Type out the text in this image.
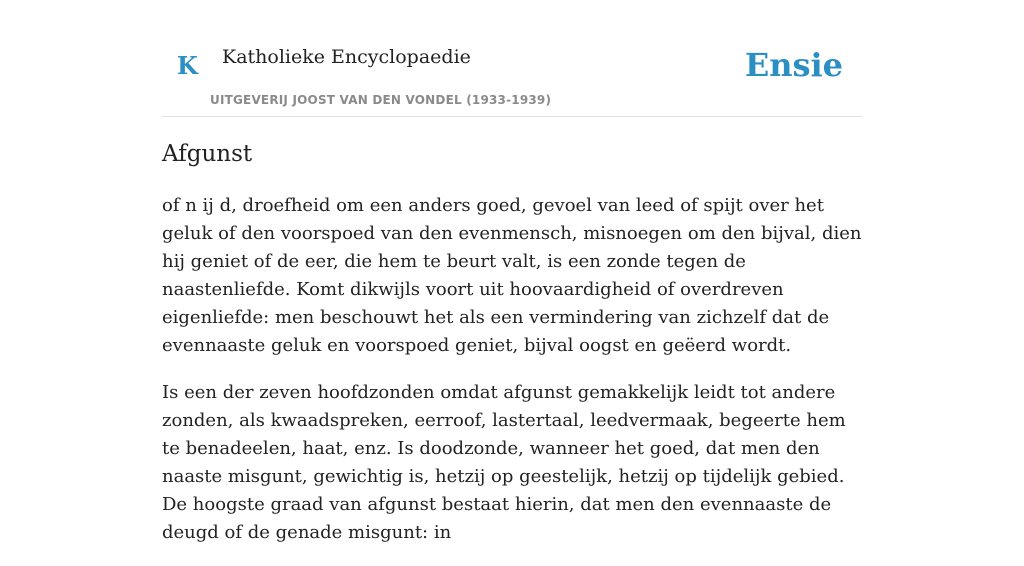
K Katholieke Encyclopaedie
UITGEVERIJ JOOST VAN DEN VONDEL (1933-1939)
Ensie
Afgunst

of n ij d, droefheid om een anders goed, gevoel van leed of spijt over het geluk of den voorspoed van den evenmensch, misnoegen om den bijval, dien hij geniet of de eer, die hem te beurt valt, is een zonde tegen de naastenliefde. Komt dikwijls voort uit hoovaardigheid of overdreven eigenliefde: men beschouwt het als een vermindering van zichzelf dat de evennaaste geluk en voorspoed geniet, bijval oogst en geëerd wordt.

Is een der zeven hoofdzonden omdat afgunst gemakkelijk leidt tot andere zonden, als kwaadspreken, eerroof, lastertaal, leedvermaak, begeerte hem te benadeelen, haat, enz. Is doodzonde, wanneer het goed, dat men den naaste misgunt, gewichtig is, hetzij op geestelijk, hetzij op tijdelijk gebied. De hoogste graad van afgunst bestaat hierin, dat men den evennaaste de deugd of de genade misgunt: in
